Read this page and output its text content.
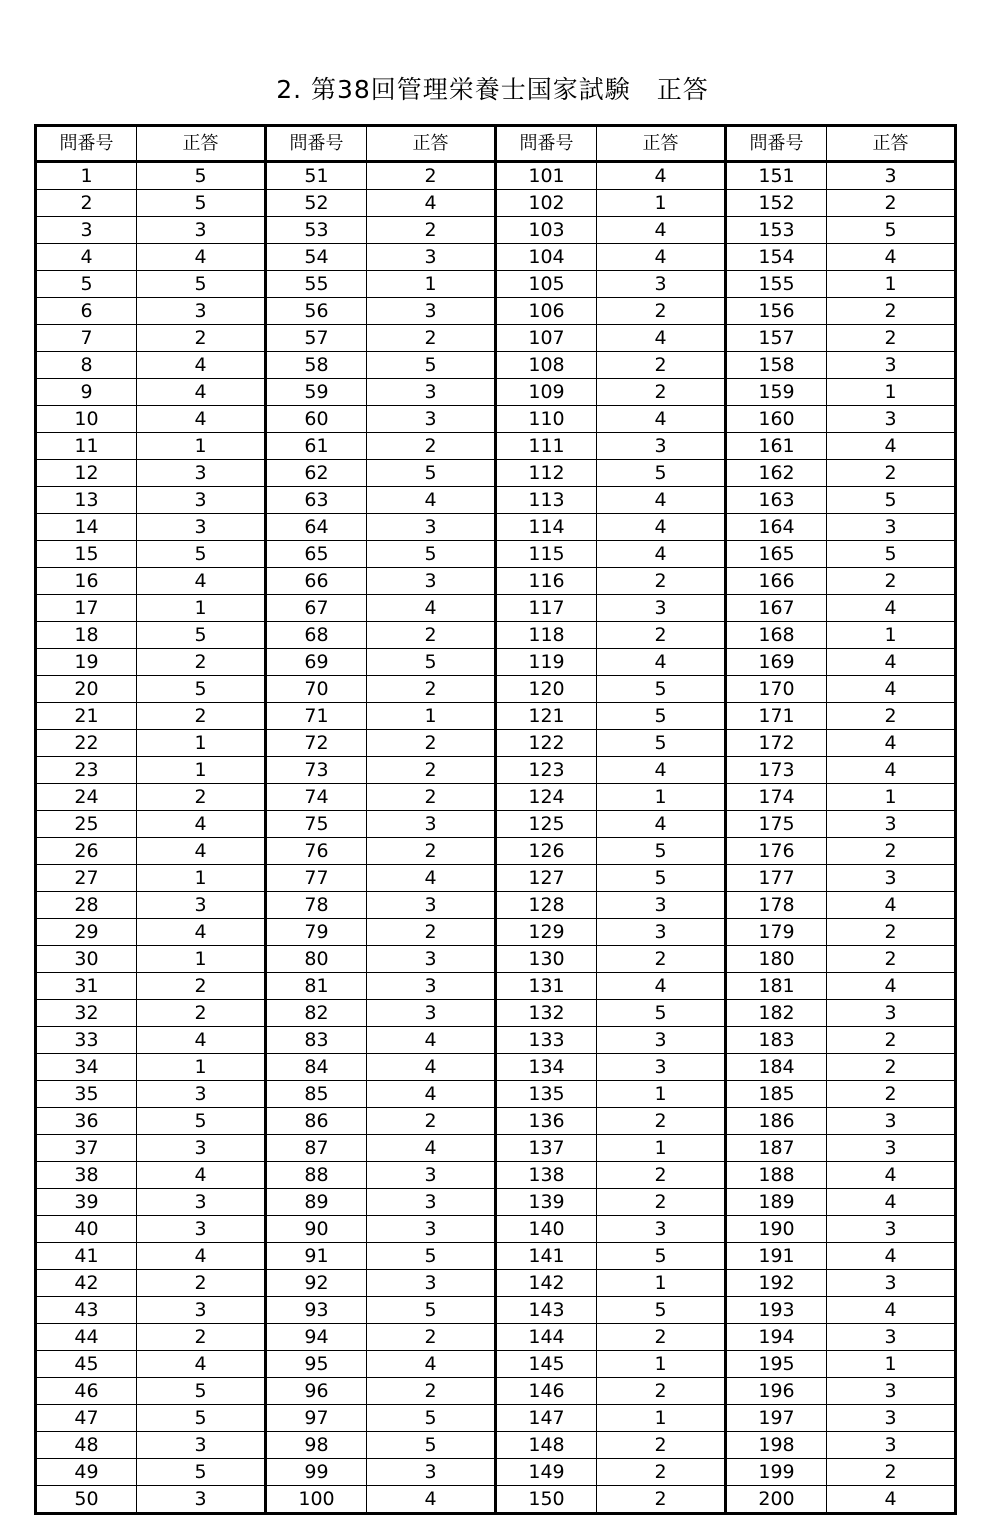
2. 第38回管理栄養士国家試験　正答
問番号	正答	問番号	正答	問番号	正答	問番号	正答
1	5	51	2	101	4	151	3
2	5	52	4	102	1	152	2
3	3	53	2	103	4	153	5
4	4	54	3	104	4	154	4
5	5	55	1	105	3	155	1
6	3	56	3	106	2	156	2
7	2	57	2	107	4	157	2
8	4	58	5	108	2	158	3
9	4	59	3	109	2	159	1
10	4	60	3	110	4	160	3
11	1	61	2	111	3	161	4
12	3	62	5	112	5	162	2
13	3	63	4	113	4	163	5
14	3	64	3	114	4	164	3
15	5	65	5	115	4	165	5
16	4	66	3	116	2	166	2
17	1	67	4	117	3	167	4
18	5	68	2	118	2	168	1
19	2	69	5	119	4	169	4
20	5	70	2	120	5	170	4
21	2	71	1	121	5	171	2
22	1	72	2	122	5	172	4
23	1	73	2	123	4	173	4
24	2	74	2	124	1	174	1
25	4	75	3	125	4	175	3
26	4	76	2	126	5	176	2
27	1	77	4	127	5	177	3
28	3	78	3	128	3	178	4
29	4	79	2	129	3	179	2
30	1	80	3	130	2	180	2
31	2	81	3	131	4	181	4
32	2	82	3	132	5	182	3
33	4	83	4	133	3	183	2
34	1	84	4	134	3	184	2
35	3	85	4	135	1	185	2
36	5	86	2	136	2	186	3
37	3	87	4	137	1	187	3
38	4	88	3	138	2	188	4
39	3	89	3	139	2	189	4
40	3	90	3	140	3	190	3
41	4	91	5	141	5	191	4
42	2	92	3	142	1	192	3
43	3	93	5	143	5	193	4
44	2	94	2	144	2	194	3
45	4	95	4	145	1	195	1
46	5	96	2	146	2	196	3
47	5	97	5	147	1	197	3
48	3	98	5	148	2	198	3
49	5	99	3	149	2	199	2
50	3	100	4	150	2	200	4
